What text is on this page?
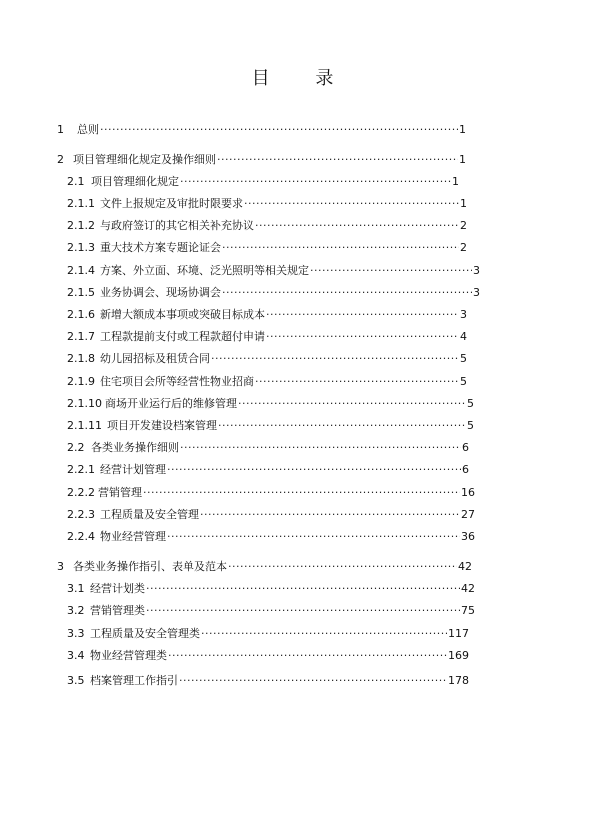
目 录
1	总则 ·····	1
2 项目管理细化规定及操作细则 ·····	1
2.1 项目管理细化规定 ·····	1
2.1.1 文件上报规定及审批时限要求 ·····	1
2.1.2 与政府签订的其它相关补充协议 ·····	2
2.1.3 重大技术方案专题论证会 ·····	2
2.1.4 方案、外立面、环境、泛光照明等相关规定 ·····	3
2.1.5 业务协调会、现场协调会 ·····	3
2.1.6 新增大额成本事项或突破目标成本 ·····	3
2.1.7 工程款提前支付或工程款超付申请 ·····	4
2.1.8 幼儿园招标及租赁合同 ·····	5
2.1.9 住宅项目会所等经营性物业招商 ·····	5
2.1.10 商场开业运行后的维修管理 ·····	5
2.1.11 项目开发建设档案管理 ·····	5
2.2 各类业务操作细则 ·····	6
2.2.1 经营计划管理 ·····	6
2.2.2 营销管理 ·····	16
2.2.3 工程质量及安全管理 ·····	27
2.2.4 物业经营管理 ·····	36
3 各类业务操作指引、表单及范本 ·····	42
3.1 经营计划类 ·····	42
3.2 营销管理类 ·····	75
3.3 工程质量及安全管理类 ·····	117
3.4 物业经营管理类 ·····	169
3.5 档案管理工作指引 ·····	178
